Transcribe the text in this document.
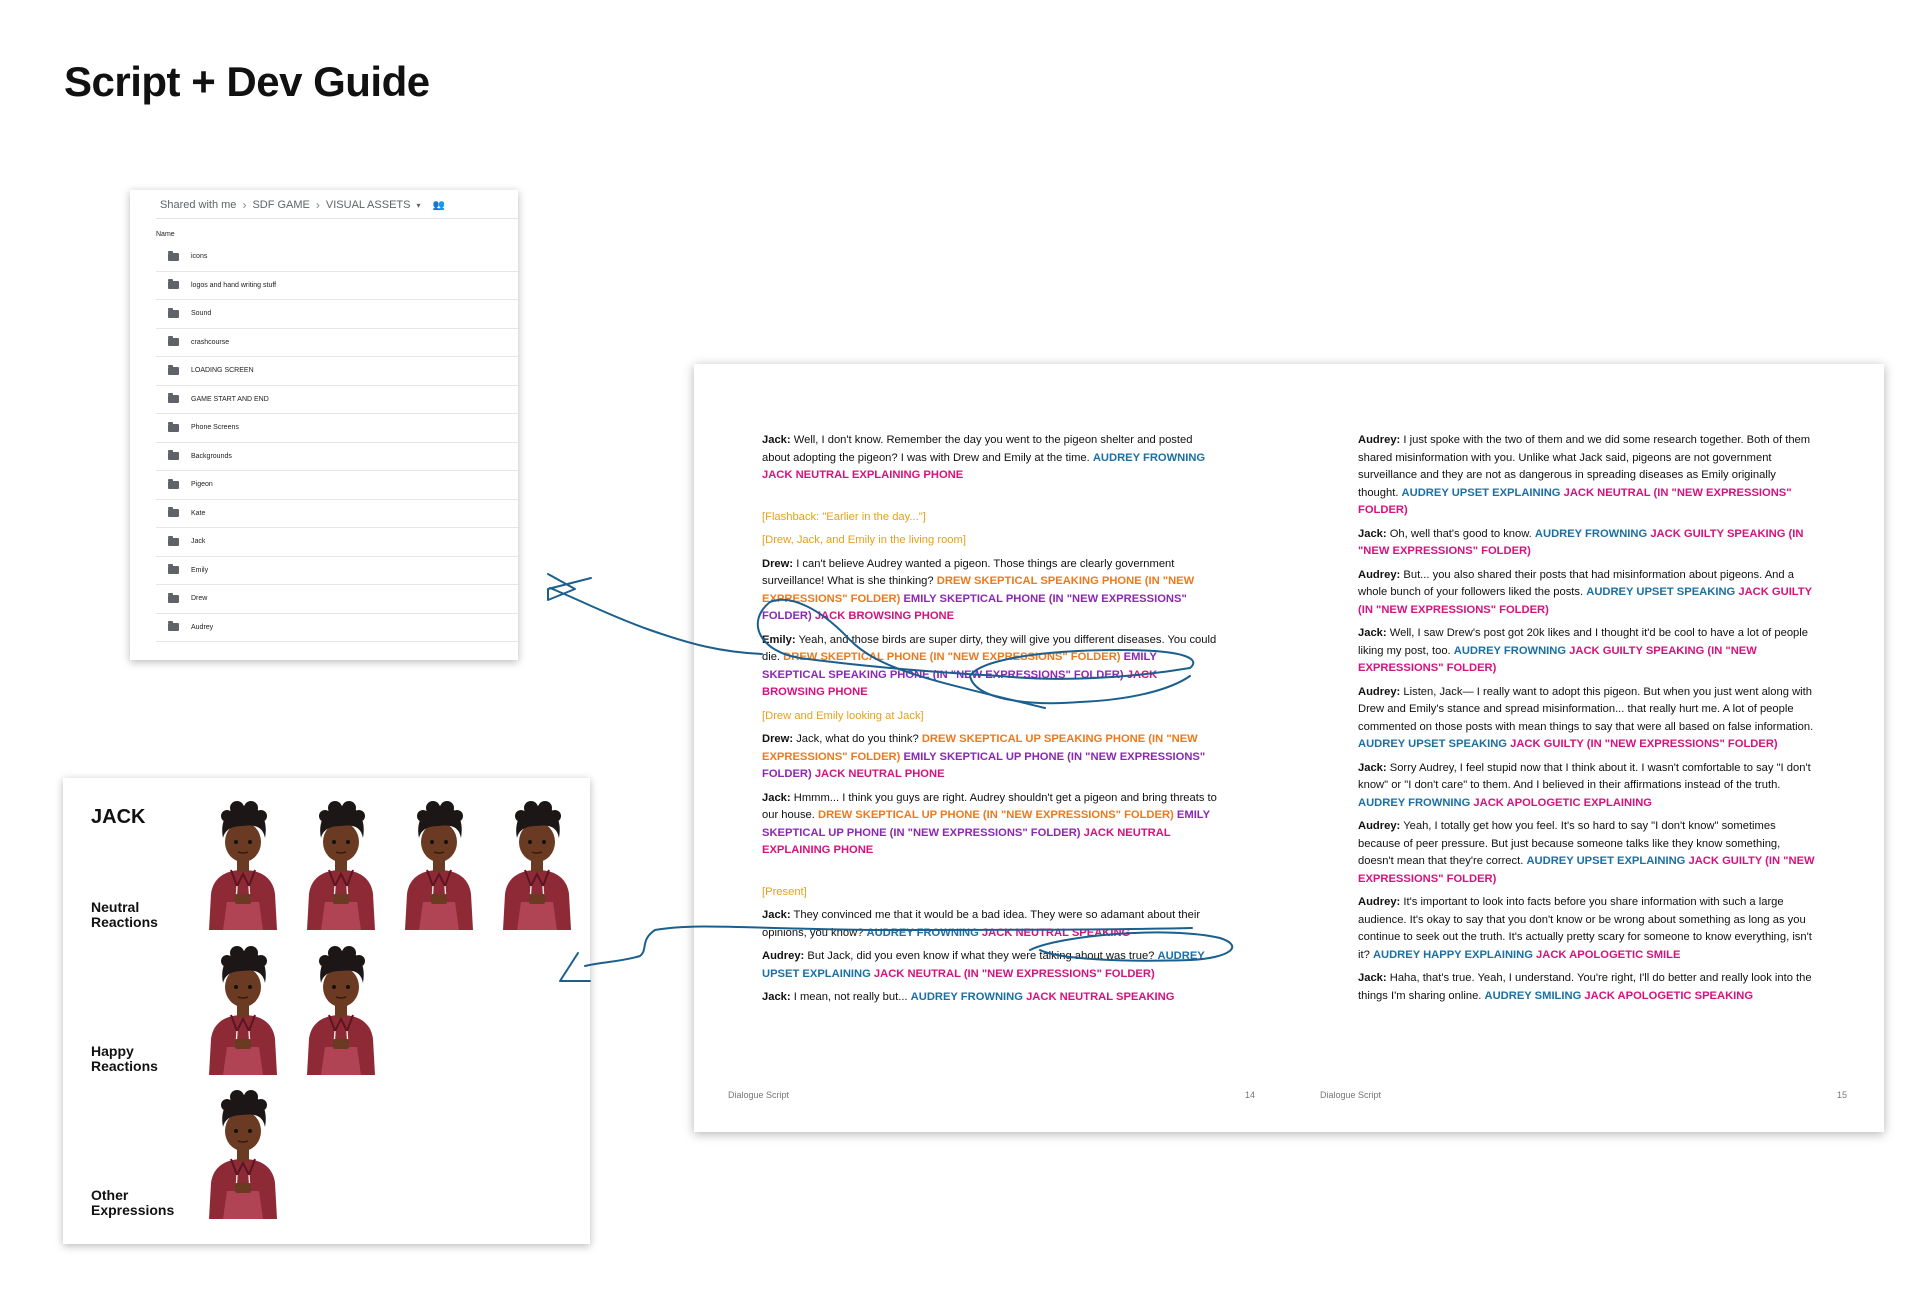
Script + Dev Guide
Shared with me › SDF GAME › VISUAL ASSETS ▾ 👥
Name
icons
logos and hand writing stuff
Sound
crashcourse
LOADING SCREEN
GAME START AND END
Phone Screens
Backgrounds
Pigeon
Kate
Jack
Emily
Drew
Audrey
JACK
Neutral Reactions
Happy Reactions
Other Expressions

Jack: Well, I don't know. Remember the day you went to the pigeon shelter and posted about adopting the pigeon? I was with Drew and Emily at the time. AUDREY FROWNING JACK NEUTRAL EXPLAINING PHONE

[Flashback: "Earlier in the day..."]

[Drew, Jack, and Emily in the living room]

Drew: I can't believe Audrey wanted a pigeon. Those things are clearly government surveillance! What is she thinking? DREW SKEPTICAL SPEAKING PHONE (IN "NEW EXPRESSIONS" FOLDER) EMILY SKEPTICAL PHONE (IN "NEW EXPRESSIONS" FOLDER) JACK BROWSING PHONE

Emily: Yeah, and those birds are super dirty, they will give you different diseases. You could die. DREW SKEPTICAL PHONE (IN "NEW EXPRESSIONS" FOLDER) EMILY SKEPTICAL SPEAKING PHONE (IN "NEW EXPRESSIONS" FOLDER) JACK BROWSING PHONE

[Drew and Emily looking at Jack]

Drew: Jack, what do you think? DREW SKEPTICAL UP SPEAKING PHONE (IN "NEW EXPRESSIONS" FOLDER) EMILY SKEPTICAL UP PHONE (IN "NEW EXPRESSIONS" FOLDER) JACK NEUTRAL PHONE

Jack: Hmmm... I think you guys are right. Audrey shouldn't get a pigeon and bring threats to our house. DREW SKEPTICAL UP PHONE (IN "NEW EXPRESSIONS" FOLDER) EMILY SKEPTICAL UP PHONE (IN "NEW EXPRESSIONS" FOLDER) JACK NEUTRAL EXPLAINING PHONE

[Present]

Jack: They convinced me that it would be a bad idea. They were so adamant about their opinions, you know? AUDREY FROWNING JACK NEUTRAL SPEAKING

Audrey: But Jack, did you even know if what they were talking about was true? AUDREY UPSET EXPLAINING JACK NEUTRAL (IN "NEW EXPRESSIONS" FOLDER)

Jack: I mean, not really but... AUDREY FROWNING JACK NEUTRAL SPEAKING

Audrey: I just spoke with the two of them and we did some research together. Both of them shared misinformation with you. Unlike what Jack said, pigeons are not government surveillance and they are not as dangerous in spreading diseases as Emily originally thought. AUDREY UPSET EXPLAINING JACK NEUTRAL (IN "NEW EXPRESSIONS" FOLDER)

Jack: Oh, well that's good to know. AUDREY FROWNING JACK GUILTY SPEAKING (IN "NEW EXPRESSIONS" FOLDER)

Audrey: But... you also shared their posts that had misinformation about pigeons. And a whole bunch of your followers liked the posts. AUDREY UPSET SPEAKING JACK GUILTY (IN "NEW EXPRESSIONS" FOLDER)

Jack: Well, I saw Drew's post got 20k likes and I thought it'd be cool to have a lot of people liking my post, too. AUDREY FROWNING JACK GUILTY SPEAKING (IN "NEW EXPRESSIONS" FOLDER)

Audrey: Listen, Jack— I really want to adopt this pigeon. But when you just went along with Drew and Emily's stance and spread misinformation... that really hurt me. A lot of people commented on those posts with mean things to say that were all based on false information. AUDREY UPSET SPEAKING JACK GUILTY (IN "NEW EXPRESSIONS" FOLDER)

Jack: Sorry Audrey, I feel stupid now that I think about it. I wasn't comfortable to say "I don't know" or "I don't care" to them. And I believed in their affirmations instead of the truth. AUDREY FROWNING JACK APOLOGETIC EXPLAINING

Audrey: Yeah, I totally get how you feel. It's so hard to say "I don't know" sometimes because of peer pressure. But just because someone talks like they know something, doesn't mean that they're correct. AUDREY UPSET EXPLAINING JACK GUILTY (IN "NEW EXPRESSIONS" FOLDER)

Audrey: It's important to look into facts before you share information with such a large audience. It's okay to say that you don't know or be wrong about something as long as you continue to seek out the truth. It's actually pretty scary for someone to know everything, isn't it? AUDREY HAPPY EXPLAINING JACK APOLOGETIC SMILE

Jack: Haha, that's true. Yeah, I understand. You're right, I'll do better and really look into the things I'm sharing online. AUDREY SMILING JACK APOLOGETIC SPEAKING

Dialogue Script	14	Dialogue Script	15
